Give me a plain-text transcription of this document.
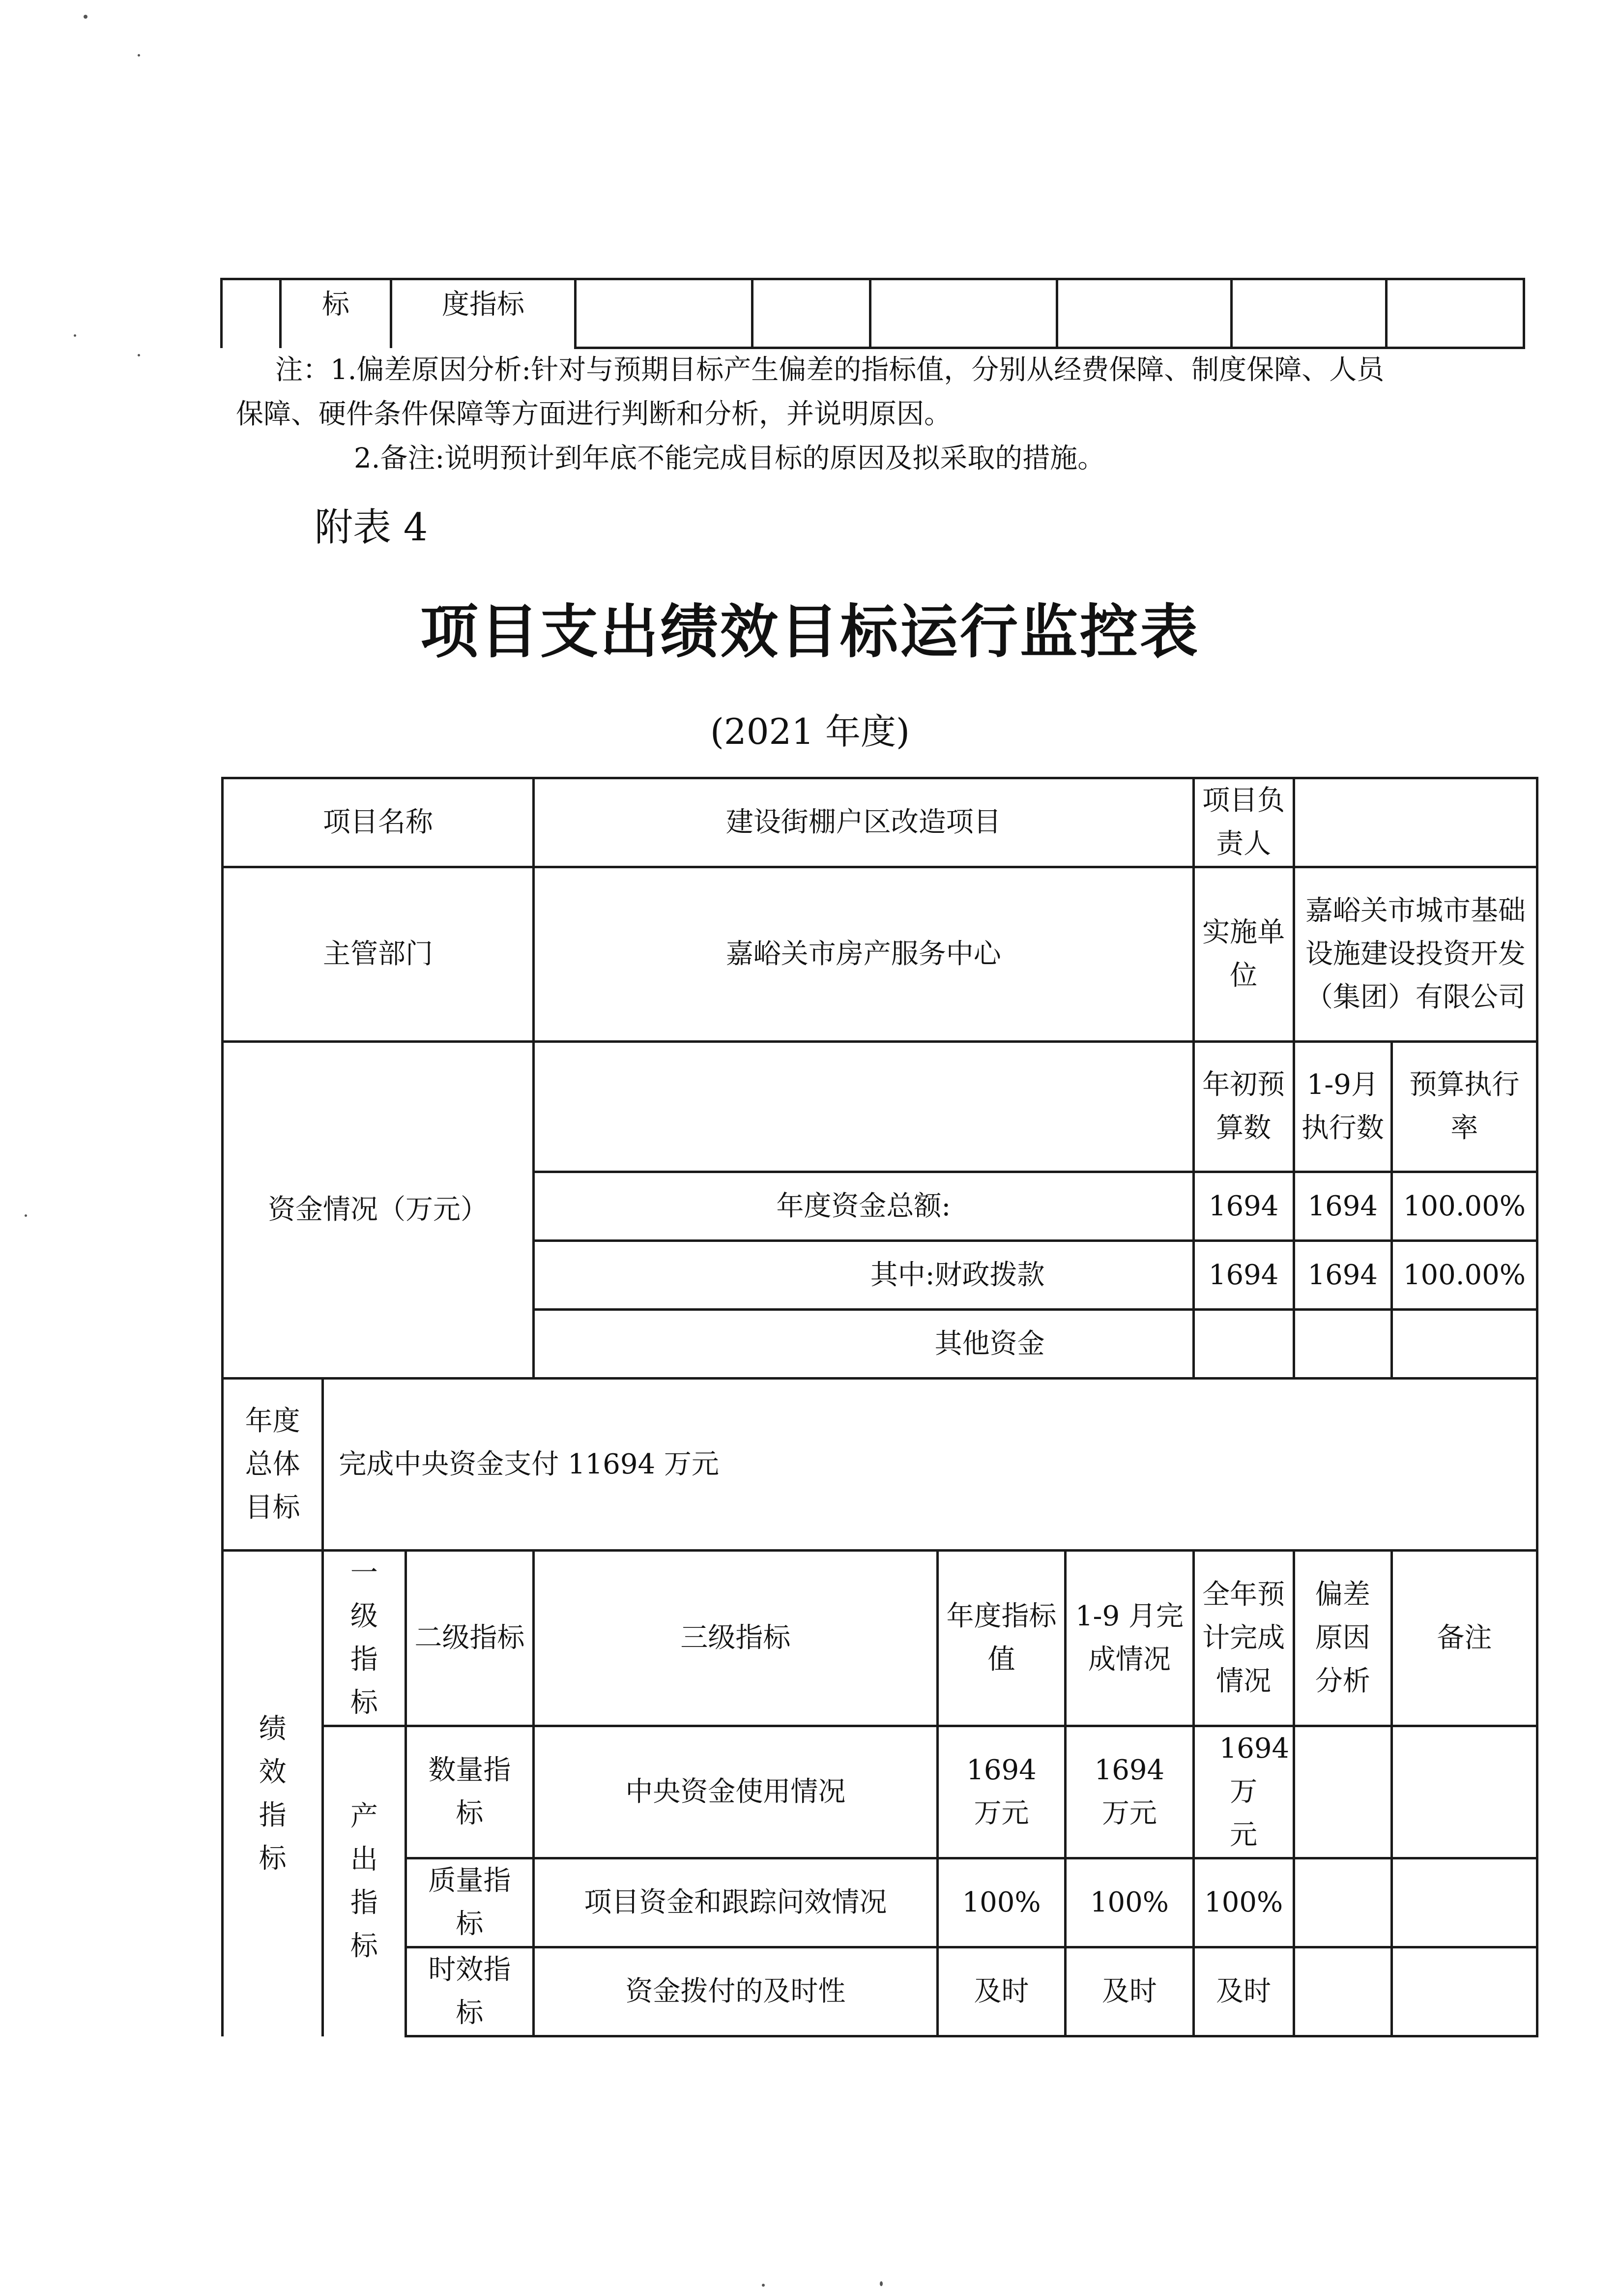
	标	度指标						
注：1.偏差原因分析:针对与预期目标产生偏差的指标值，分别从经费保障、制度保障、人员
保障、硬件条件保障等方面进行判断和分析，并说明原因。
2.备注:说明预计到年底不能完成目标的原因及拟采取的措施。
附表 4
项目支出绩效目标运行监控表
(2021 年度)
项目名称			建设街棚户区改造项目			项目负责人		
主管部门			嘉峪关市房产服务中心			实施单位	嘉峪关市城市基础设施建设投资开发（集团）有限公司	
资金情况（万元）						年初预算数	1-9月执行数	预算执行率
			年度资金总额:			1694	1694	100.00%
			其中:财政拨款			1694	1694	100.00%
			其他资金					
年度总体目标	完成中央资金支付 11694 万元							
绩效指标	一级指标	二级指标	三级指标	年度指标值	1-9 月完成情况	全年预计完成情况	偏差原因分析	备注
	产出指标	数量指标	中央资金使用情况	1694万元	1694 万元	1694万元		
		质量指标	项目资金和跟踪问效情况	100%	100%	100%		
		时效指标	资金拨付的及时性	及时	及时	及时		
